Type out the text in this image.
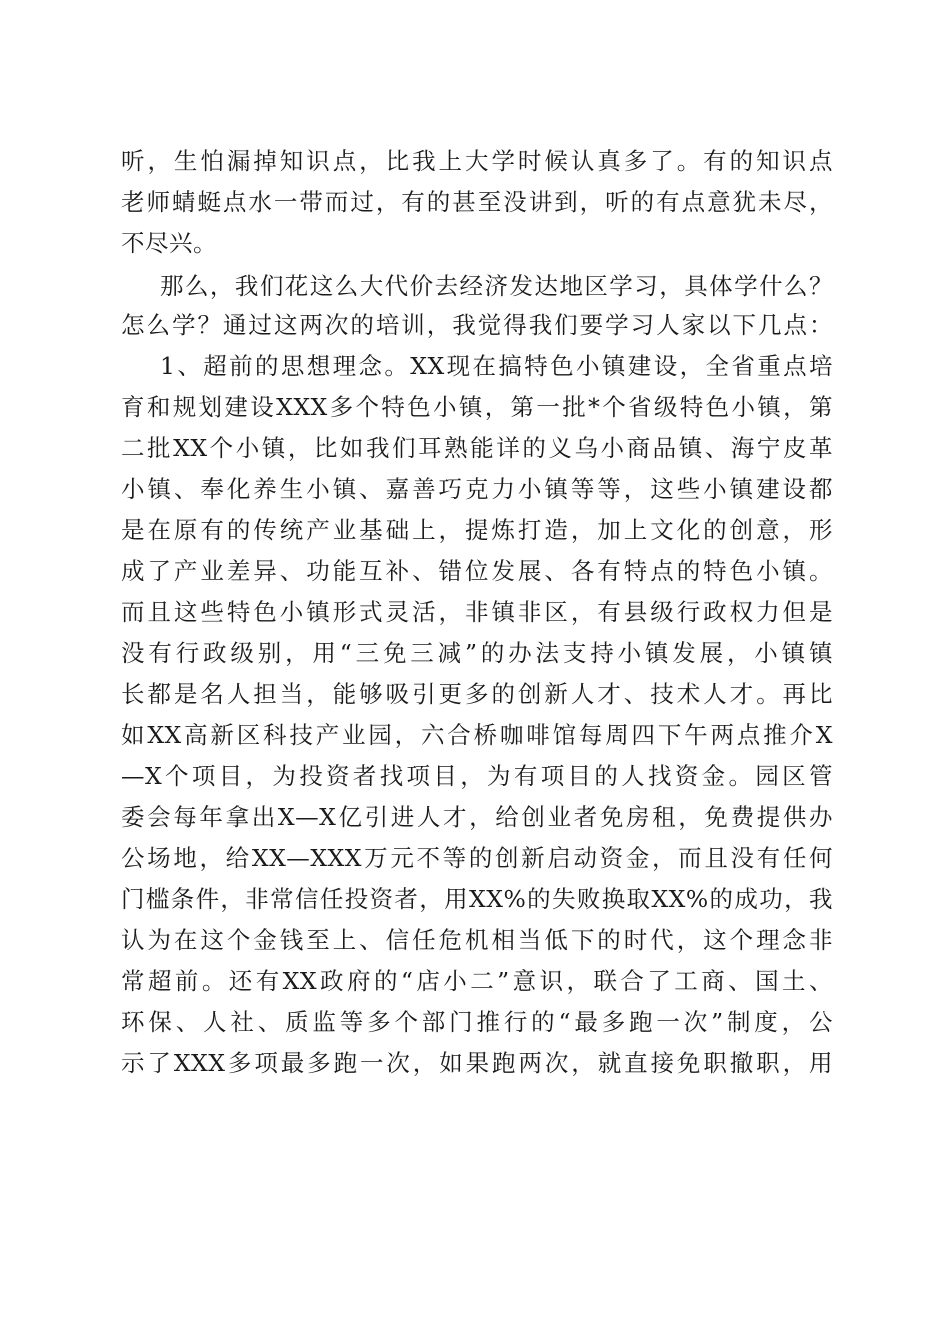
听，生怕漏掉知识点，比我上大学时候认真多了。有的知识点
老师蜻蜓点水一带而过，有的甚至没讲到，听的有点意犹未尽，
不尽兴。
那么，我们花这么大代价去经济发达地区学习，具体学什么？
怎么学？通过这两次的培训，我觉得我们要学习人家以下几点：
1、超前的思想理念。XX现在搞特色小镇建设，全省重点培
育和规划建设XXX多个特色小镇，第一批*个省级特色小镇，第
二批XX个小镇，比如我们耳熟能详的义乌小商品镇、海宁皮革
小镇、奉化养生小镇、嘉善巧克力小镇等等，这些小镇建设都
是在原有的传统产业基础上，提炼打造，加上文化的创意，形
成了产业差异、功能互补、错位发展、各有特点的特色小镇。
而且这些特色小镇形式灵活，非镇非区，有县级行政权力但是
没有行政级别，用“三免三减”的办法支持小镇发展，小镇镇
长都是名人担当，能够吸引更多的创新人才、技术人才。再比
如XX高新区科技产业园，六合桥咖啡馆每周四下午两点推介X
—X个项目，为投资者找项目，为有项目的人找资金。园区管
委会每年拿出X—X亿引进人才，给创业者免房租，免费提供办
公场地，给XX—XXX万元不等的创新启动资金，而且没有任何
门槛条件，非常信任投资者，用XX%的失败换取XX%的成功，我
认为在这个金钱至上、信任危机相当低下的时代，这个理念非
常超前。还有XX政府的“店小二”意识，联合了工商、国土、
环保、人社、质监等多个部门推行的“最多跑一次”制度，公
示了XXX多项最多跑一次，如果跑两次，就直接免职撤职，用
